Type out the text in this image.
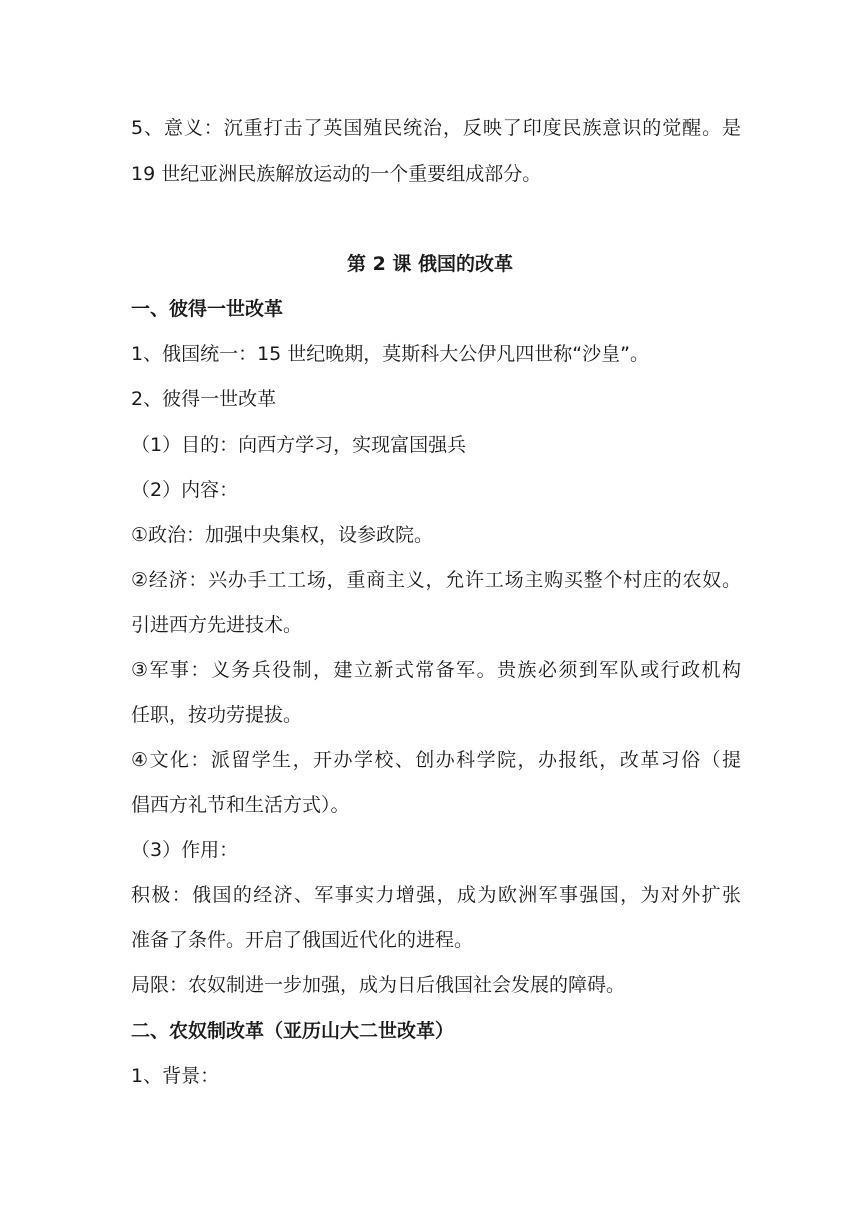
5、意义：沉重打击了英国殖民统治，反映了印度民族意识的觉醒。是
19 世纪亚洲民族解放运动的一个重要组成部分。
第 2 课 俄国的改革
一、彼得一世改革
1、俄国统一：15 世纪晚期，莫斯科大公伊凡四世称“沙皇”。
2、彼得一世改革
（1）目的：向西方学习，实现富国强兵
（2）内容：
①政治：加强中央集权，设参政院。
②经济：兴办手工工场，重商主义，允许工场主购买整个村庄的农奴。
引进西方先进技术。
③军事：义务兵役制，建立新式常备军。贵族必须到军队或行政机构
任职，按功劳提拔。
④文化：派留学生，开办学校、创办科学院，办报纸，改革习俗（提
倡西方礼节和生活方式）。
（3）作用：
积极：俄国的经济、军事实力增强，成为欧洲军事强国，为对外扩张
准备了条件。开启了俄国近代化的进程。
局限：农奴制进一步加强，成为日后俄国社会发展的障碍。
二、农奴制改革（亚历山大二世改革）
1、背景：
